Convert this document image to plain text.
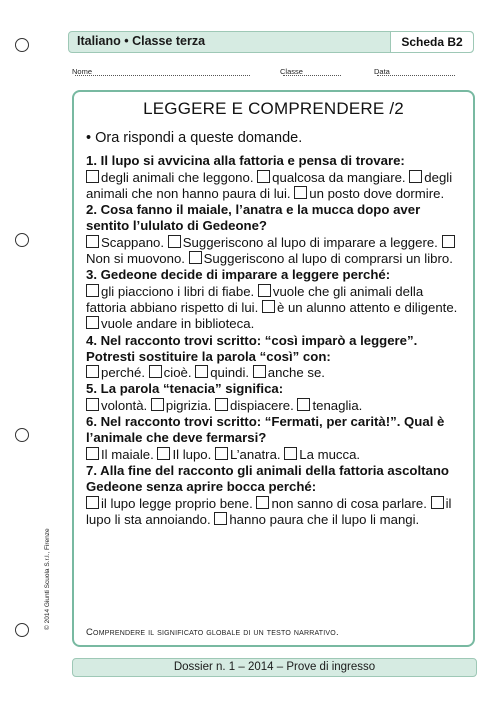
Italiano • Classe terza	Scheda B2
Nome	Classe	Data
LEGGERE E COMPRENDERE /2

• Ora rispondi a queste domande.

1. Il lupo si avvicina alla fattoria e pensa di trovare:

degli animali che leggono. qualcosa da mangiare. degli animali che non hanno paura di lui. un posto dove dormire.

2. Cosa fanno il maiale, l’anatra e la mucca dopo aver sentito l’ululato di Gedeone?

Scappano. Suggeriscono al lupo di imparare a leggere. Non si muovono. Suggeriscono al lupo di comprarsi un libro.

3. Gedeone decide di imparare a leggere perché:

gli piacciono i libri di fiabe. vuole che gli animali della fattoria abbiano rispetto di lui. è un alunno attento e diligente. vuole andare in biblioteca.

4. Nel racconto trovi scritto: “così imparò a leggere”. Potresti sostituire la parola “così” con:

perché. cioè. quindi. anche se.

5. La parola “tenacia” significa:

volontà. pigrizia. dispiacere. tenaglia.

6. Nel racconto trovi scritto: “Fermati, per carità!”. Qual è l’animale che deve fermarsi?

Il maiale. Il lupo. L’anatra. La mucca.

7. Alla fine del racconto gli animali della fattoria ascoltano Gedeone senza aprire bocca perché:

il lupo legge proprio bene. non sanno di cosa parlare. il lupo li sta annoiando. hanno paura che il lupo li mangi.

Comprendere il significato globale di un testo narrativo.
Dossier n. 1 – 2014 – Prove di ingresso
© 2014 Giunti Scuola S.r.l., Firenze
